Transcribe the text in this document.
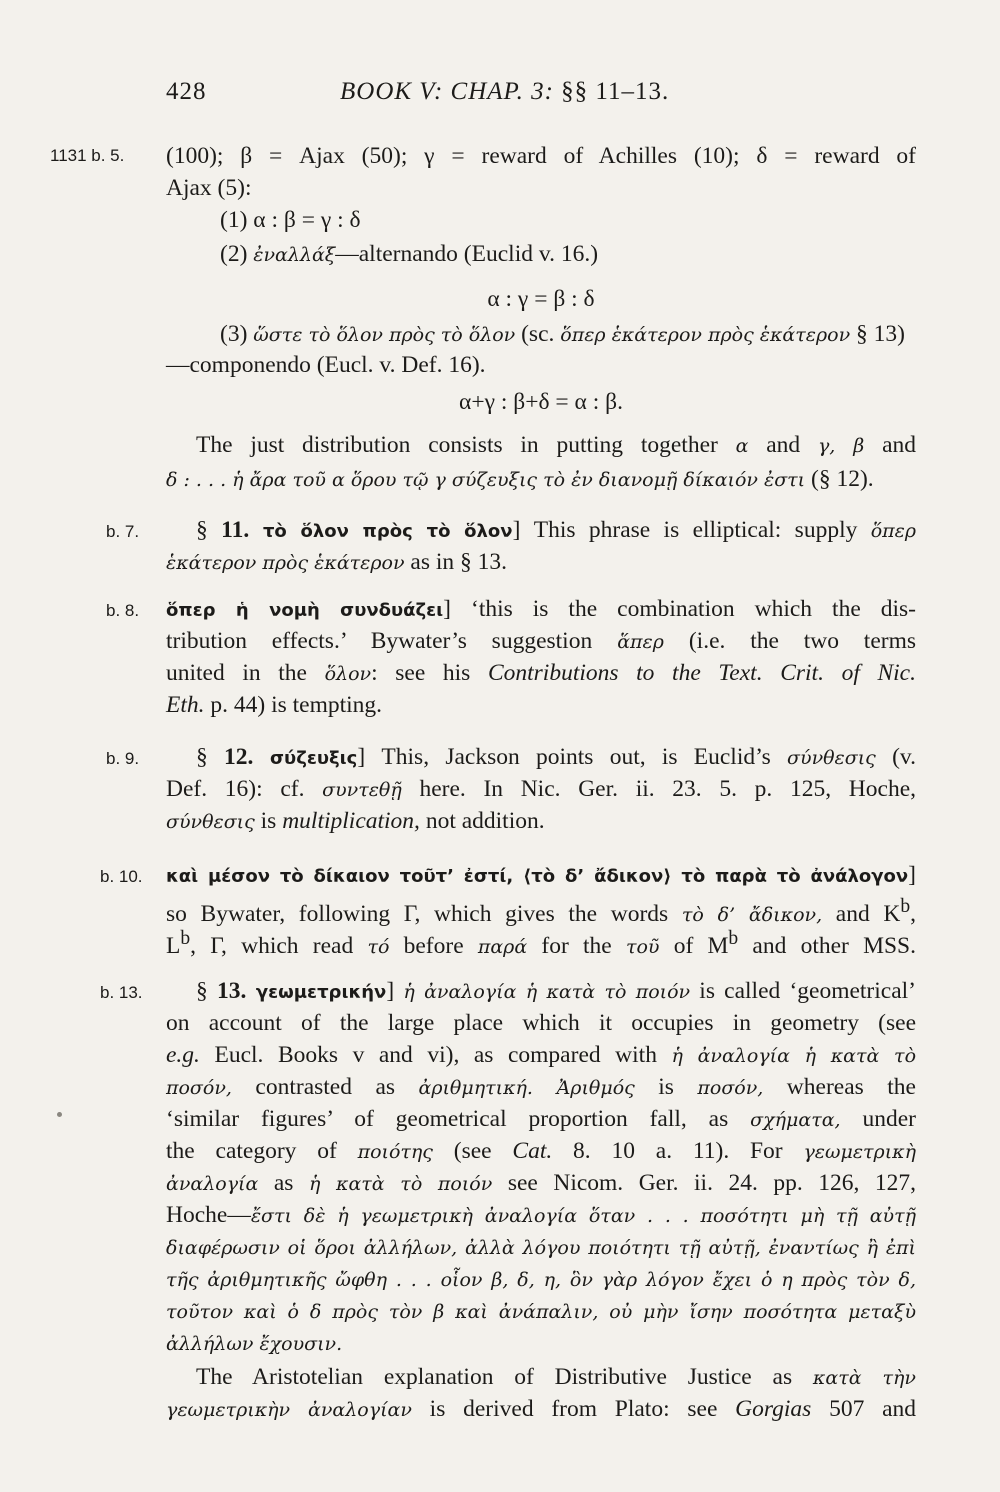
428	BOOK V: CHAP. 3: §§ 11–13.
1131 b. 5.
b. 7.
b. 8.
b. 9.
b. 10.
b. 13.
(100); β = Ajax (50); γ = reward of Achilles (10); δ = reward of
Ajax (5):
(1) α : β = γ : δ
(2) ἐναλλάξ—alternando (Euclid v. 16.)
α : γ = β : δ
(3) ὥστε τὸ ὅλον πρὸς τὸ ὅλον (sc. ὅπερ ἑκάτερον πρὸς ἑκάτερον § 13)
—componendo (Eucl. v. Def. 16).
α+γ : β+δ = α : β.
The just distribution consists in putting together α and γ, β and
δ : . . . ἡ ἄρα τοῦ α ὅρου τῷ γ σύζευξις τὸ ἐν διανομῇ δίκαιόν ἐστι (§ 12).
§ 11. τὸ ὅλον πρὸς τὸ ὅλον] This phrase is elliptical: supply ὅπερ
ἑκάτερον πρὸς ἑκάτερον as in § 13.
ὅπερ ἡ νομὴ συνδυάζει] ‘this is the combination which the dis-
tribution effects.’ Bywater’s suggestion ἅπερ (i.e. the two terms
united in the ὅλον: see his Contributions to the Text. Crit. of Nic.
Eth. p. 44) is tempting.
§ 12. σύζευξις] This, Jackson points out, is Euclid’s σύνθεσις (v.
Def. 16): cf. συντεθῇ here. In Nic. Ger. ii. 23. 5. p. 125, Hoche,
σύνθεσις is multiplication, not addition.
καὶ μέσον τὸ δίκαιον τοῦτ’ ἐστί, ⟨τὸ δ’ ἄδικον⟩ τὸ παρὰ τὸ ἀνάλογον]
so Bywater, following Γ, which gives the words τὸ δ’ ἄδικον, and $K^b$,
$L^b$, Γ, which read τό before παρά for the τοῦ of $M^b$ and other MSS.
§ 13. γεωμετρικήν] ἡ ἀναλογία ἡ κατὰ τὸ ποιόν is called ‘geometrical’
on account of the large place which it occupies in geometry (see
e.g. Eucl. Books v and vi), as compared with ἡ ἀναλογία ἡ κατὰ τὸ
ποσόν, contrasted as ἀριθμητική. Ἀριθμός is ποσόν, whereas the
‘similar figures’ of geometrical proportion fall, as σχήματα, under
the category of ποιότης (see Cat. 8. 10 a. 11). For γεωμετρικὴ
ἀναλογία as ἡ κατὰ τὸ ποιόν see Nicom. Ger. ii. 24. pp. 126, 127,
Hoche—ἔστι δὲ ἡ γεωμετρικὴ ἀναλογία ὅταν . . . ποσότητι μὴ τῇ αὐτῇ
διαφέρωσιν οἱ ὅροι ἀλλήλων, ἀλλὰ λόγου ποιότητι τῇ αὐτῇ, ἐναντίως ἢ ἐπὶ
τῆς ἀριθμητικῆς ὤφθη . . . οἷον β, δ, η, ὃν γὰρ λόγον ἔχει ὁ η πρὸς τὸν δ,
τοῦτον καὶ ὁ δ πρὸς τὸν β καὶ ἀνάπαλιν, οὐ μὴν ἴσην ποσότητα μεταξὺ
ἀλλήλων ἔχουσιν.
The Aristotelian explanation of Distributive Justice as κατὰ τὴν
γεωμετρικὴν ἀναλογίαν is derived from Plato: see Gorgias 507 and
